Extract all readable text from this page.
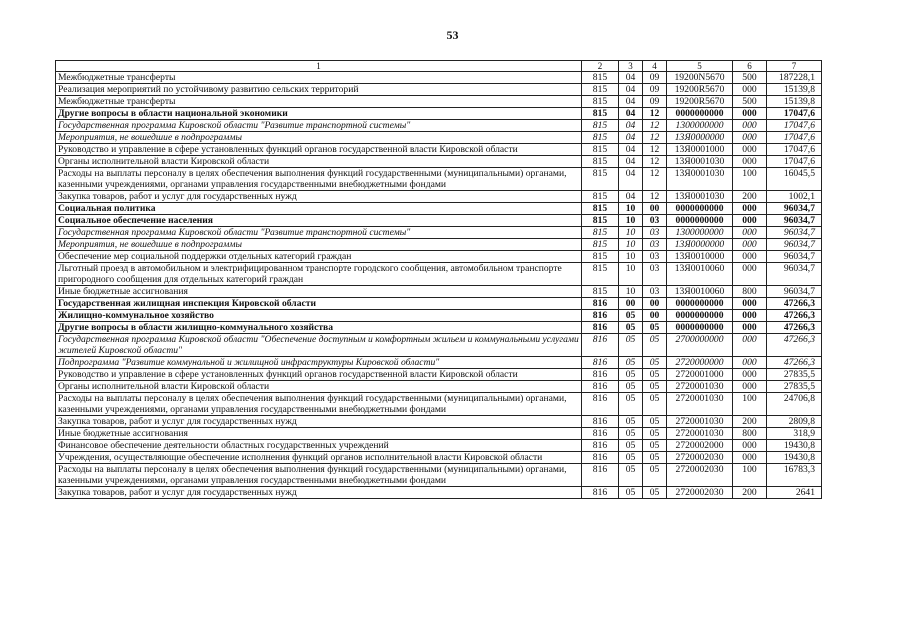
53
1	2	3	4	5	6	7
Межбюджетные трансферты	815	04	09	19200N5670	500	187228,1
Реализация мероприятий по устойчивому развитию сельских территорий	815	04	09	19200R5670	000	15139,8
Межбюджетные трансферты	815	04	09	19200R5670	500	15139,8
Другие вопросы в области национальной экономики	815	04	12	0000000000	000	17047,6
Государственная программа Кировской области "Развитие транспортной системы"	815	04	12	1300000000	000	17047,6
Мероприятия, не вошедшие в подпрограммы	815	04	12	13Я0000000	000	17047,6
Руководство и управление в сфере установленных функций органов государственной власти Кировской области	815	04	12	13Я0001000	000	17047,6
Органы исполнительной власти Кировской области	815	04	12	13Я0001030	000	17047,6
Расходы на выплаты персоналу в целях обеспечения выполнения функций государственными (муниципальными) органами, казенными учреждениями, органами управления государственными внебюджетными фондами	815	04	12	13Я0001030	100	16045,5
Закупка товаров, работ и услуг для государственных нужд	815	04	12	13Я0001030	200	1002,1
Социальная политика	815	10	00	0000000000	000	96034,7
Социальное обеспечение населения	815	10	03	0000000000	000	96034,7
Государственная программа Кировской области "Развитие транспортной системы"	815	10	03	1300000000	000	96034,7
Мероприятия, не вошедшие в подпрограммы	815	10	03	13Я0000000	000	96034,7
Обеспечение мер социальной поддержки отдельных категорий граждан	815	10	03	13Я0010000	000	96034,7
Льготный проезд в автомобильном и электрифицированном транспорте городского сообщения, автомобильном транспорте пригородного сообщения для отдельных категорий граждан	815	10	03	13Я0010060	000	96034,7
Иные бюджетные ассигнования	815	10	03	13Я0010060	800	96034,7
Государственная жилищная инспекция Кировской области	816	00	00	0000000000	000	47266,3
Жилищно-коммунальное хозяйство	816	05	00	0000000000	000	47266,3
Другие вопросы в области жилищно-коммунального хозяйства	816	05	05	0000000000	000	47266,3
Государственная программа Кировской области "Обеспечение доступным и комфортным жильем и коммунальными услугами жителей Кировской области"	816	05	05	2700000000	000	47266,3
Подпрограмма "Развитие коммунальной и жилищной инфраструктуры Кировской области"	816	05	05	2720000000	000	47266,3
Руководство и управление в сфере установленных функций органов государственной власти Кировской области	816	05	05	2720001000	000	27835,5
Органы исполнительной власти Кировской области	816	05	05	2720001030	000	27835,5
Расходы на выплаты персоналу в целях обеспечения выполнения функций государственными (муниципальными) органами, казенными учреждениями, органами управления государственными внебюджетными фондами	816	05	05	2720001030	100	24706,8
Закупка товаров, работ и услуг для государственных нужд	816	05	05	2720001030	200	2809,8
Иные бюджетные ассигнования	816	05	05	2720001030	800	318,9
Финансовое обеспечение деятельности областных государственных учреждений	816	05	05	2720002000	000	19430,8
Учреждения, осуществляющие обеспечение исполнения функций органов исполнительной власти Кировской области	816	05	05	2720002030	000	19430,8
Расходы на выплаты персоналу в целях обеспечения выполнения функций государственными (муниципальными) органами, казенными учреждениями, органами управления государственными внебюджетными фондами	816	05	05	2720002030	100	16783,3
Закупка товаров, работ и услуг для государственных нужд	816	05	05	2720002030	200	2641
